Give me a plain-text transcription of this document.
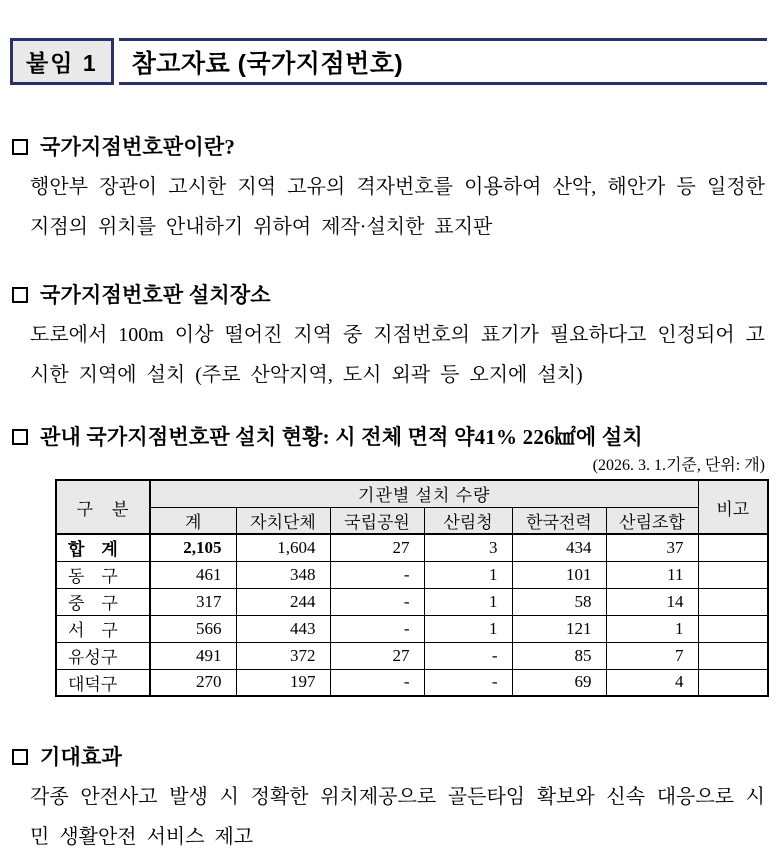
붙임 1	참고자료 (국가지점번호)
국가지점번호판이란?

행안부 장관이 고시한 지역 고유의 격자번호를 이용하여 산악, 해안가 등 일정한 지점의 위치를 안내하기 위하여 제작·설치한 표지판

국가지점번호판 설치장소

도로에서 100m 이상 떨어진 지역 중 지점번호의 표기가 필요하다고 인정되어 고시한 지역에 설치 (주로 산악지역, 도시 외곽 등 오지에 설치)

관내 국가지점번호판 설치 현황: 시 전체 면적 약41% 226㎢에 설치
(2026. 3. 1.기준, 단위: 개)
구　분	기관별 설치 수량						비고
	계	자치단체	국립공원	산림청	한국전력	산림조합	
합　계	2,105	1,604	27	3	434	37	
동　구	461	348	-	1	101	11	
중　구	317	244	-	1	58	14	
서　구	566	443	-	1	121	1	
유성구	491	372	27	-	85	7	
대덕구	270	197	-	-	69	4	
기대효과

각종 안전사고 발생 시 정확한 위치제공으로 골든타임 확보와 신속 대응으로 시민 생활안전 서비스 제고
